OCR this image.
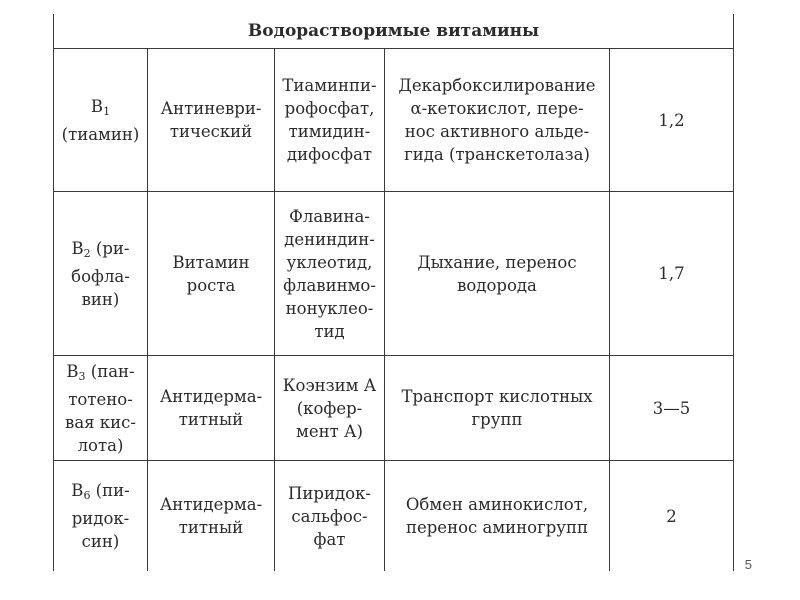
Водорастворимые витамины
$B_1$
(тиамин)
Антиневри-
тический
Тиаминпи-
рофосфат,
тимидин-
дифосфат
Декарбоксилирование
α-кетокислот, пере-
нос активного альде-
гида (транскетолаза)
1,2
$B_2$ (ри-
бофла-
вин)
Витамин
роста
Флавина-
дениндин-
уклеотид,
флавинмо-
нонуклео-
тид
Дыхание, перенос
водорода
1,7
$B_3$ (пан-
тотено-
вая кис-
лота)
Антидерма-
титный
Коэнзим А
(кофер-
мент А)
Транспорт кислотных
групп
3—5
$B_6$ (пи-
ридок-
син)
Антидерма-
титный
Пиридок-
сальфос-
фат
Обмен аминокислот,
перенос аминогрупп
2
5
